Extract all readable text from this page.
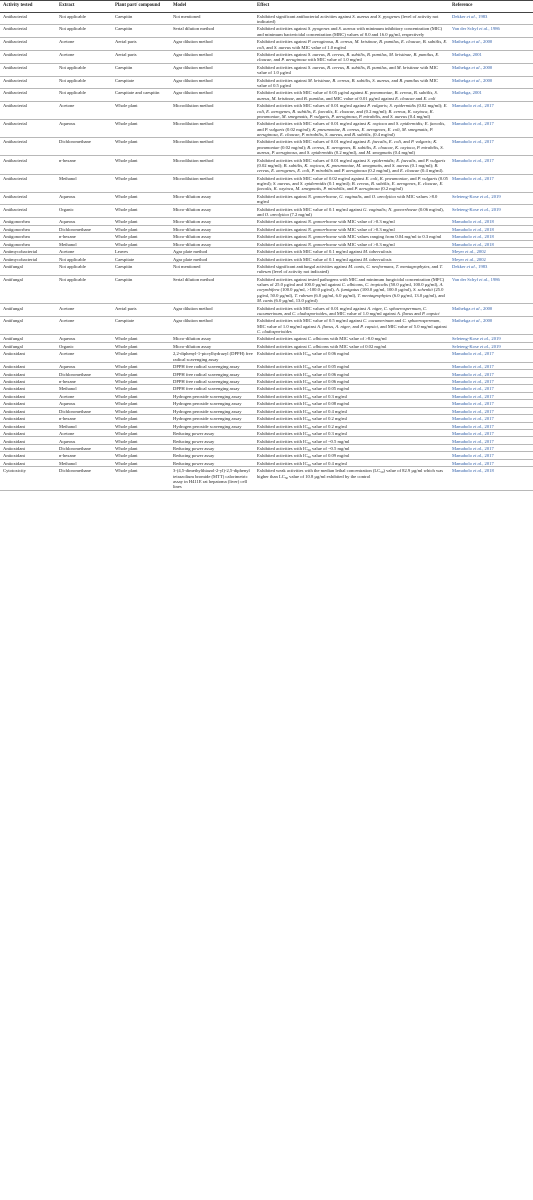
Activity tested	Extract	Plant part/ compound	Model	Effect	Reference
Antibacterial	Not applicable	Caespitin	Not mentioned	Exhibited significant antibacterial activities against S. aureus and S. pyogenes (level of activity not indicated)	Dekker et al., 1983
Antibacterial	Not applicable	Caespitin	Serial dilution method	Exhibited activities against S. pyogenes and S. aureus with minimum inhibitory concentration (MIC) and minimum bactericidal concentration (MBC) values of 8.0 and 16.0 µg/ml, respectively	Van der Schyf et al., 1986
Antibacterial	Acetone	Aerial parts	Agar dilution method	Exhibited activities against P. aeruginosa, B. cereus, M. kristinae, B. pumilus, E. cloacae, B. subtilis, E. coli, and S. aureus with MIC value of 1.0 mg/ml	Mathekga et al., 2000
Antibacterial	Acetone	Aerial parts	Agar dilution method	Exhibited activities against S. aureus, B. cereus, B. subtilis, B. pumilus, M. kristinae, B. pumilus, E. cloacae, and P. aeruginosa with MIC value of 1.0 mg/ml	Mathekga, 2001
Antibacterial	Not applicable	Caespitin	Agar dilution method	Exhibited activities against S. aureus, B. cereus, B. subtilis, B. pumilus, and M. kristinae with MIC value of 1.0 µg/ml	Mathekga et al., 2000
Antibacterial	Not applicable	Caespitate	Agar dilution method	Exhibited activities against M. kristinae, B. cereus, B. subtilis, S. aureus, and B. pumilus with MIC value of 0.5 µg/ml	Mathekga et al., 2000
Antibacterial	Not applicable	Caespitate and caespitin	Agar dilution method	Exhibited activities with MIC value of 0.05 µg/ml against K. pneumoniae, B. cereus, B. subtilis, S. aureus, M. kristinae, and B. pumilus, and MIC value of 0.01 µg/ml against E. cloacae and E. coli	Mathekga, 2001
Antibacterial	Acetone	Whole plant	Microdilution method	Exhibited activities with MIC values of 0.01 mg/ml against P. vulgaris; S. epidermidis (0.02 mg/ml); E. coli, E. aerogenes, B. subtilis, E. faecalis, E. cloacae, and (0.2 mg/ml); B. cereus, K. oxytoca, K. pneumoniae, M. smegmatis, P. vulgaris, P. aeruginosa, P. mirabilis, and S. aureus (0.4 mg/ml)	Mamabolo et al., 2017
Antibacterial	Aqueous	Whole plant	Microdilution method	Exhibited activities with MIC values of 0.01 mg/ml against K. oxytoca and S. epidermidis; E. faecalis, and P. vulgaris (0.02 mg/ml); K. pneumoniae, B. cereus, E. aerogenes, E. coli, M. smegmatis, P. aeruginosa, E. cloacae, P. mirabilis, S. aureus, and B. subtilis, (0.4 mg/ml)	Mamabolo et al., 2017
Antibacterial	Dichloromethane	Whole plant	Microdilution method	Exhibited activities with MIC values of 0.01 mg/ml against E. faecalis, E. coli, and P. vulgaris; K. pneumoniae (0.02 mg/ml); B. cereus, E. aerogenes, B. subtilis, E. cloacae, K. oxytoca, P. mirabilis, S. aureus, P. aeruginosa, and S. epidermidis (0.2 mg/ml), and M. smegmatis (0.4 mg/ml)	Mamabolo et al., 2017
Antibacterial	n-hexane	Whole plant	Microdilution method	Exhibited activities with MIC values of 0.01 mg/ml against S. epidermidis; E. faecalis, and P. vulgaris (0.02 mg/ml); B. subtilis, K. oxytoca, K. pneumoniae, M. smegmatis, and S. aureus (0.1 mg/ml); B. cereus, E. aerogenes, E. coli, P. mirabilis and P. aeruginosa (0.2 mg/ml), and E. cloacae (0.4 mg/ml).	Mamabolo et al., 2017
Antibacterial	Methanol	Whole plant	Microdilution method	Exhibited activities with MIC value of 0.02 mg/ml against E. coli, K. pneumoniae, and P. vulgaris (0.05 mg/ml); S. aureus, and S. epidermidis (0.1 mg/ml); B. cereus, B. subtilis, E. aerogenes, E. cloacae, E. faecalis, K. oxytoca, M. smegmatis, P. mirabilis, and P. aeruginosa (0.2 mg/ml)	Mamabolo et al., 2017
Antibacterial	Aqueous	Whole plant	Micro-dilution assay	Exhibited activities against N. gonorrhoeae, G. vaginalis, and O. ureolytica with MIC values >8.0 mg/ml	Seleteng-Kose et al., 2019
Antibacterial	Organic	Whole plant	Micro-dilution assay	Exhibited activities with MIC value of 0.1 mg/ml against G. vaginalis; N. gonorrhoeae (0.06 mg/ml), and O. ureolytica (7.2 mg/ml)	Seleteng-Kose et al., 2019
Antigonorrhea	Aqueous	Whole plant	Micro-dilution assay	Exhibited activities against N. gonorrhoeae with MIC value of >0.3 mg/ml	Mamabolo et al., 2018
Antigonorrhea	Dichloromethane	Whole plant	Micro-dilution assay	Exhibited activities against N. gonorrhoeae with MIC value of >0.3 mg/ml	Mamabolo et al., 2018
Antigonorrhea	n-hexane	Whole plant	Micro-dilution assay	Exhibited activities against N. gonorrhoeae with MIC values ranging from 0.04 mg/ml to 0.3 mg/ml	Mamabolo et al., 2018
Antigonorrhea	Methanol	Whole plant	Micro-dilution assay	Exhibited activities against N. gonorrhoeae with MIC value of >0.3 mg/ml	Mamabolo et al., 2018
Antimycobacterial	Acetone	Leaves	Agar plate method	Exhibited activities with MIC value of 0.1 mg/ml against M. tuberculosis	Meyer et al., 2002
Antimycobacterial	Not applicable	Caespitate	Agar plate method	Exhibited activities with MIC value of 0.1 mg/ml against M. tuberculosis	Meyer et al., 2002
Antifungal	Not applicable	Caespitin	Not mentioned	Exhibited significant antifungal activities against M. canis, C. neoformans, T. mentagrophytes, and T. rubrum (level of activity not indicated)	Dekker et al., 1983
Antifungal	Not applicable	Caespitin	Serial dilution method	Exhibited activities against tested pathogens with MIC and minimum fungicidal concentration (MFC) values of 25.0 µg/ml and 100.0 µg/ml against C. albicans, C. tropicalis (50.0 µg/ml, 100.0 µg/ml), A. corymbifera (100.0 µg/ml, >100.0 µg/ml), A. fumigatus (100.0 µg/ml, 100.0 µg/ml), S. schenkii (25.0 µg/ml, 50.0 µg/ml), T. rubrum (6.0 µg/ml, 6.0 µg/ml), T. mentagrophytes (6.0 µg/ml, 13.0 µg/ml), and M. canis (6.0 µg/ml, 13.0 µg/ml)	Van der Schyf et al., 1986
Antifungal	Acetone	Aerial parts	Agar dilution method	Exhibited activities with MIC values of 0.01 mg/ml against A. niger, C. sphaerospermum, C. cucumerinum, and C. cladosporioides, and MIC value of 1.0 mg/ml against A. flavus and P. capsici	Mathekga et al., 2000
Antifungal	Acetone	Caespitate	Agar dilution method	Exhibited activities with MIC value of 0.5 mg/ml against C. cucumerinum and C. sphaerospermum, MIC value of 1.0 mg/ml against A. flavus, A. niger, and P. capsici, and MIC value of 5.0 mg/ml against C. cladosporioides	Mathekga et al., 2000
Antifungal	Aqueous	Whole plant	Micro-dilution assay	Exhibited activities against C. albicans with MIC value of >8.0 mg/ml	Seleteng-Kose et al., 2019
Antifungal	Organic	Whole plant	Micro-dilution assay	Exhibited activities against C. albicans with MIC value of 0.02 mg/ml	Seleteng-Kose et al., 2019
Antioxidant	Acetone	Whole plant	2,2-diphenyl-1-picrylhydrazyl (DPPH) free radical scavenging assay	Exhibited activities with $IC_{50}$ value of 0.06 mg/ml	Mamabolo et al., 2017
Antioxidant	Aqueous	Whole plant	DPPH free radical scavenging assay	Exhibited activities with $IC_{50}$ value of 0.05 mg/ml	Mamabolo et al., 2017
Antioxidant	Dichloromethane	Whole plant	DPPH free radical scavenging assay	Exhibited activities with $IC_{50}$ value of 0.06 mg/ml	Mamabolo et al., 2017
Antioxidant	n-hexane	Whole plant	DPPH free radical scavenging assay	Exhibited activities with $IC_{50}$ value of 0.06 mg/ml	Mamabolo et al., 2017
Antioxidant	Methanol	Whole plant	DPPH free radical scavenging assay	Exhibited activities with $IC_{50}$ value of 0.05 mg/ml	Mamabolo et al., 2017
Antioxidant	Acetone	Whole plant	Hydrogen peroxide scavenging assay	Exhibited activities with $IC_{50}$ value of 0.3 mg/ml	Mamabolo et al., 2017
Antioxidant	Aqueous	Whole plant	Hydrogen peroxide scavenging assay	Exhibited activities with $IC_{50}$ value of 0.08 mg/ml	Mamabolo et al., 2017
Antioxidant	Dichloromethane	Whole plant	Hydrogen peroxide scavenging assay	Exhibited activities with $IC_{50}$ value of 0.4 mg/ml	Mamabolo et al., 2017
Antioxidant	n-hexane	Whole plant	Hydrogen peroxide scavenging assay	Exhibited activities with $IC_{50}$ value of 0.2 mg/ml	Mamabolo et al., 2017
Antioxidant	Methanol	Whole plant	Hydrogen peroxide scavenging assay	Exhibited activities with $IC_{50}$ value of 0.2 mg/ml	Mamabolo et al., 2017
Antioxidant	Acetone	Whole plant	Reducing power assay	Exhibited activities with $IC_{50}$ value of 0.3 mg/ml	Mamabolo et al., 2017
Antioxidant	Aqueous	Whole plant	Reducing power assay	Exhibited activities with $IC_{50}$ value of ~0.5 mg/ml	Mamabolo et al., 2017
Antioxidant	Dichloromethane	Whole plant	Reducing power assay	Exhibited activities with $IC_{50}$ value of ~0.5 mg/ml	Mamabolo et al., 2017
Antioxidant	n-hexane	Whole plant	Reducing power assay	Exhibited activities with $IC_{50}$ value of 0.09 mg/ml	Mamabolo et al., 2017
Antioxidant	Methanol	Whole plant	Reducing power assay	Exhibited activities with $IC_{50}$ value of 0.4 mg/ml	Mamabolo et al., 2017
Cytotoxicity	Dichloromethane	Whole plant	3-(4,5-dimethylthiazol-2-yl)-2,5-diphenyl tetrazolium bromide (MTT) calorimetric assay in H411E rat hepatoma (liver) cell lines	Exhibited weak activities with the median lethal concentration $(LC_{50})$ value of 82.9 µg/ml which was higher than $LC_{50}$ value of 10.8 µg/ml exhibited by the control	Mamabolo et al., 2018
